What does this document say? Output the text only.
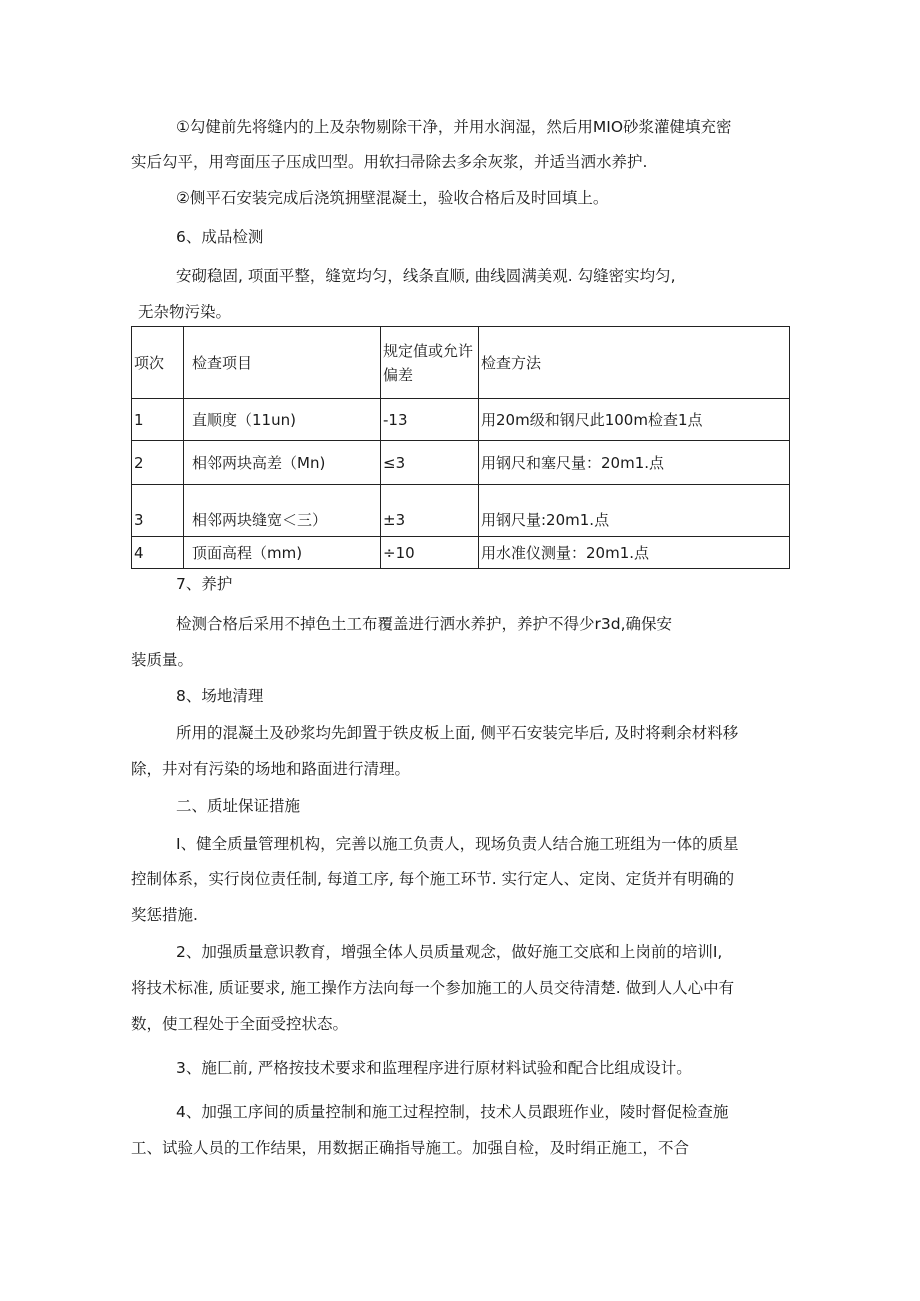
①勾健前先将缝内的上及杂物剔除干净，并用水润湿，然后用MIO砂浆灌健填充密
实后勾平，用弯面压子压成凹型。用软扫帚除去多余灰浆，并适当洒水养护.
②侧平石安装完成后浇筑拥壁混凝土，验收合格后及时回填上。
6、成品检测
安砌稳固, 项面平整，缝宽均匀，线条直顺, 曲线圆满美观. 勾缝密实均匀,
无杂物污染。
项次	检查项目	规定值或允许偏差	检查方法
1	直顺度（11un)	-13	用20m级和钢尺此100m检查1点
2	相邻两块高差（Mn)	≤3	用钢尺和塞尺量：20m1.点
3	相邻两块缝宽＜三）	±3	用钢尺量:20m1.点
4	顶面高程（mm)	÷10	用水准仪测量：20m1.点
7、养护
检测合格后采用不掉色土工布覆盖进行洒水养护，养护不得少r3d,确保安
装质量。
8、场地清理
所用的混凝土及砂浆均先卸置于铁皮板上面, 侧平石安装完毕后, 及时将剩余材料移
除，井对有污染的场地和路面进行清理。
二、质址保证措施
I、健全质量管理机构，完善以施工负责人，现场负责人结合施工班组为一体的质星
控制体系，实行岗位责任制, 每道工序, 每个施工环节. 实行定人、定岗、定货并有明确的
奖惩措施.
2、加强质量意识教育，增强全体人员质量观念，做好施工交底和上岗前的培训I,
将技术标准, 质证要求, 施工操作方法向每一个参加施工的人员交待清楚. 做到人人心中有
数，使工程处于全面受控状态。
3、施匚前, 严格按技术要求和监理程序进行原材料试验和配合比组成设计。
4、加强工序间的质量控制和施工过程控制，技术人员跟班作业，陵时督促检查施
工、试验人员的工作结果，用数据正确指导施工。加强自检，及时绢正施工，不合
